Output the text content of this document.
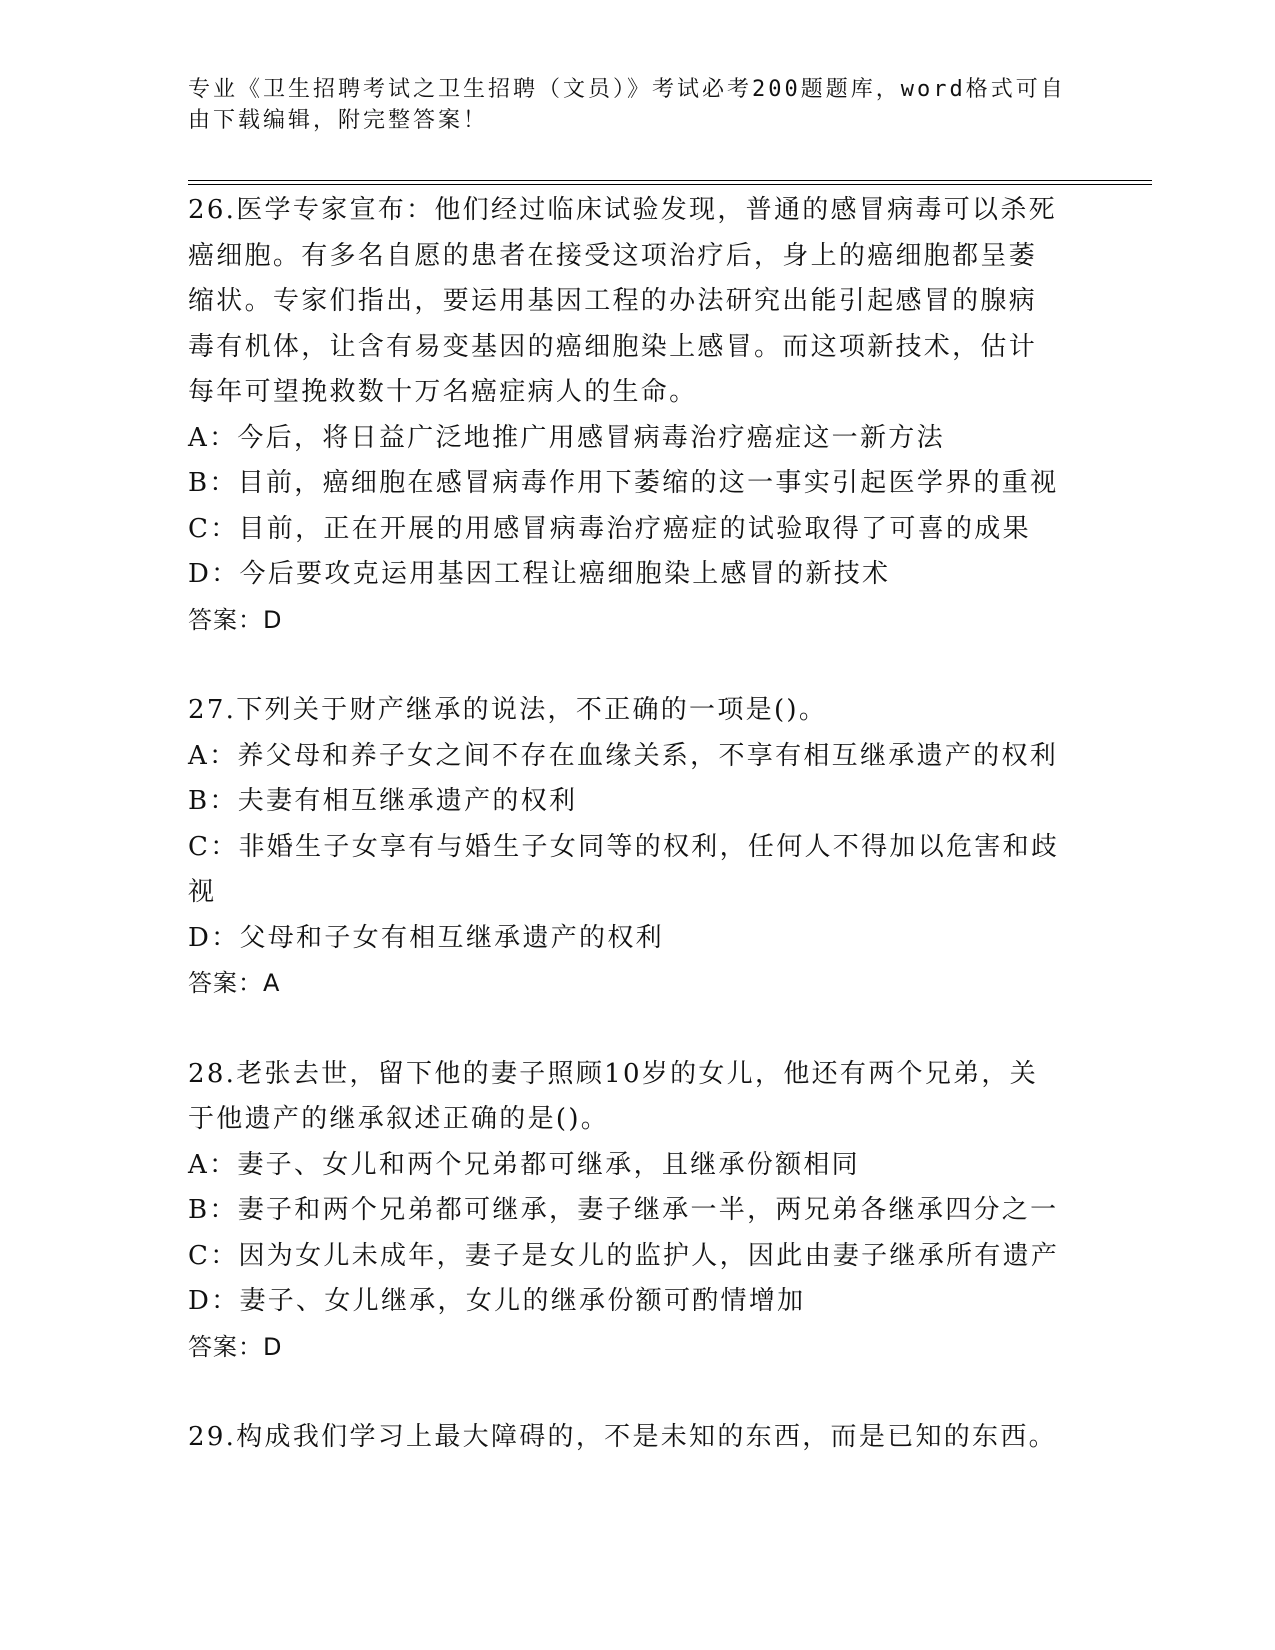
专业《卫生招聘考试之卫生招聘（文员）》考试必考200题题库，word格式可自
由下载编辑，附完整答案！

26.医学专家宣布：他们经过临床试验发现，普通的感冒病毒可以杀死

癌细胞。有多名自愿的患者在接受这项治疗后，身上的癌细胞都呈萎

缩状。专家们指出，要运用基因工程的办法研究出能引起感冒的腺病

毒有机体，让含有易变基因的癌细胞染上感冒。而这项新技术，估计

每年可望挽救数十万名癌症病人的生命。

A：今后，将日益广泛地推广用感冒病毒治疗癌症这一新方法

B：目前，癌细胞在感冒病毒作用下萎缩的这一事实引起医学界的重视

C：目前，正在开展的用感冒病毒治疗癌症的试验取得了可喜的成果

D：今后要攻克运用基因工程让癌细胞染上感冒的新技术

答案：D

27.下列关于财产继承的说法，不正确的一项是()。

A：养父母和养子女之间不存在血缘关系，不享有相互继承遗产的权利

B：夫妻有相互继承遗产的权利

C：非婚生子女享有与婚生子女同等的权利，任何人不得加以危害和歧

视

D：父母和子女有相互继承遗产的权利

答案：A

28.老张去世，留下他的妻子照顾10岁的女儿，他还有两个兄弟，关

于他遗产的继承叙述正确的是()。

A：妻子、女儿和两个兄弟都可继承，且继承份额相同

B：妻子和两个兄弟都可继承，妻子继承一半，两兄弟各继承四分之一

C：因为女儿未成年，妻子是女儿的监护人，因此由妻子继承所有遗产

D：妻子、女儿继承，女儿的继承份额可酌情增加

答案：D

29.构成我们学习上最大障碍的，不是未知的东西，而是已知的东西。
